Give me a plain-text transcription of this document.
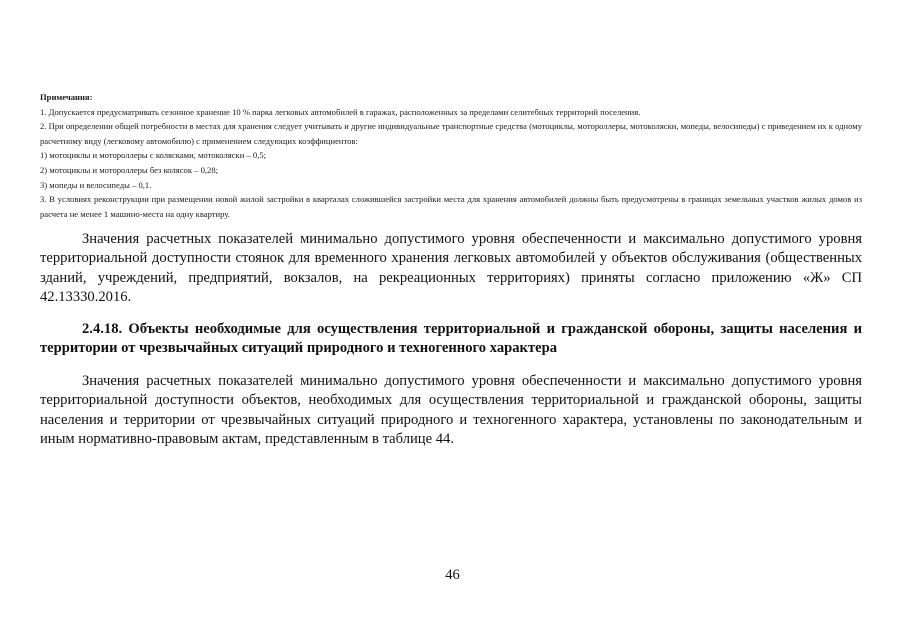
Примечания:

1. Допускается предусматривать сезонное хранение 10 % парка легковых автомобилей в гаражах, расположенных за пределами селитебных территорий поселения.

2. При определении общей потребности в местах для хранения следует учитывать и другие индивидуальные транспортные средства (мотоциклы, мотороллеры, мотоколяски, мопеды, велосипеды) с приведением их к одному расчетному виду (легковому автомобилю) с применением следующих коэффициентов:

1) мотоциклы и мотороллеры с колясками, мотоколяски – 0,5;

2) мотоциклы и мотороллеры без колясок – 0,28;

3) мопеды и велосипеды – 0,1.

3. В условиях реконструкции при размещении новой жилой застройки в кварталах сложившейся застройки места для хранения автомобилей должны быть предусмотрены в границах земельных участков жилых домов из расчета не менее 1 машино-места на одну квартиру.

Значения расчетных показателей минимально допустимого уровня обеспеченности и максимально допустимого уровня территориальной доступности стоянок для временного хранения легковых автомобилей у объектов обслуживания (общественных зданий, учреждений, предприятий, вокзалов, на рекреационных территориях) приняты согласно приложению «Ж» СП 42.13330.2016.

2.4.18. Объекты необходимые для осуществления территориальной и гражданской обороны, защиты населения и территории от чрезвычайных ситуаций природного и техногенного характера

Значения расчетных показателей минимально допустимого уровня обеспеченности и максимально допустимого уровня территориальной доступности объектов, необходимых для осуществления территориальной и гражданской обороны, защиты населения и территории от чрезвычайных ситуаций природного и техногенного характера, установлены по законодательным и иным нормативно-правовым актам, представленным в таблице 44.

46
